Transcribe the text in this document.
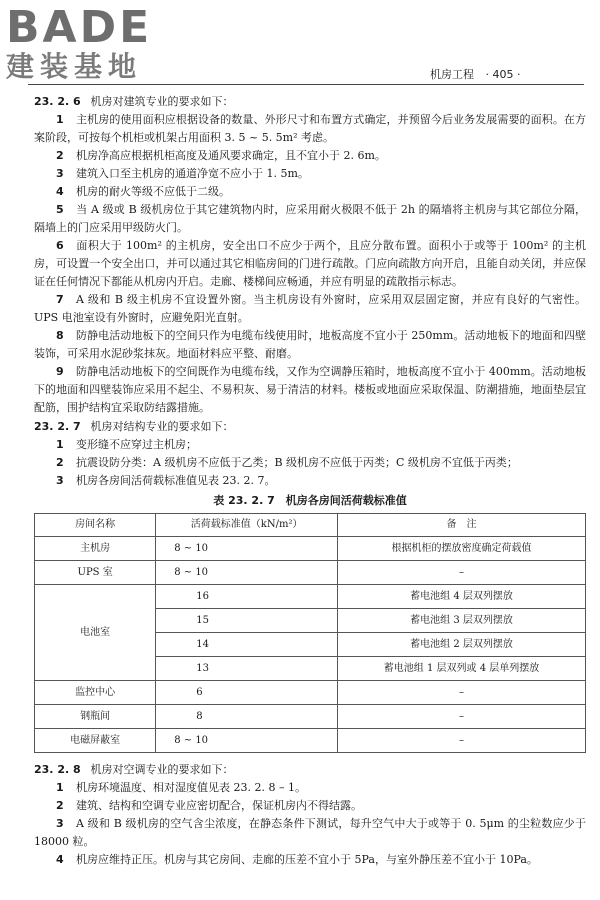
BADE
建装基地	机房工程 · 405 ·
23. 2. 6 机房对建筑专业的要求如下：

1 主机房的使用面积应根据设备的数量、外形尺寸和布置方式确定，并预留今后业务发展需要的面积。在方案阶段，可按每个机柜或机架占用面积 3. 5 ~ 5. 5m² 考虑。

2 机房净高应根据机柜高度及通风要求确定，且不宜小于 2. 6m。

3 建筑入口至主机房的通道净宽不应小于 1. 5m。

4 机房的耐火等级不应低于二级。

5 当 A 级或 B 级机房位于其它建筑物内时，应采用耐火极限不低于 2h 的隔墙将主机房与其它部位分隔，隔墙上的门应采用甲级防火门。

6 面积大于 100m² 的主机房，安全出口不应少于两个，且应分散布置。面积小于或等于 100m² 的主机房，可设置一个安全出口，并可以通过其它相临房间的门进行疏散。门应向疏散方向开启，且能自动关闭，并应保证在任何情况下都能从机房内开启。走廊、楼梯间应畅通，并应有明显的疏散指示标志。

7 A 级和 B 级主机房不宜设置外窗。当主机房设有外窗时，应采用双层固定窗，并应有良好的气密性。UPS 电池室设有外窗时，应避免阳光直射。

8 防静电活动地板下的空间只作为电缆布线使用时，地板高度不宜小于 250mm。活动地板下的地面和四壁装饰，可采用水泥砂浆抹灰。地面材料应平整、耐磨。

9 防静电活动地板下的空间既作为电缆布线，又作为空调静压箱时，地板高度不宜小于 400mm。活动地板下的地面和四壁装饰应采用不起尘、不易积灰、易于清洁的材料。楼板或地面应采取保温、防潮措施，地面垫层宜配筋，围护结构宜采取防结露措施。

23. 2. 7 机房对结构专业的要求如下：

1 变形缝不应穿过主机房；

2 抗震设防分类：A 级机房不应低于乙类；B 级机房不应低于丙类；C 级机房不宜低于丙类；

3 机房各房间活荷载标准值见表 23. 2. 7。

表 23. 2. 7　机房各房间活荷载标准值
房间名称	活荷载标准值（kN/m²）	备　注
主机房	8 ~ 10	根据机柜的摆放密度确定荷载值
UPS 室	8 ~ 10	–
电池室	16	蓄电池组 4 层双列摆放
	15	蓄电池组 3 层双列摆放
	14	蓄电池组 2 层双列摆放
	13	蓄电池组 1 层双列或 4 层单列摆放
监控中心	6	–
钢瓶间	8	–
电磁屏蔽室	8 ~ 10	–
23. 2. 8 机房对空调专业的要求如下：

1 机房环境温度、相对湿度值见表 23. 2. 8 – 1。

2 建筑、结构和空调专业应密切配合，保证机房内不得结露。

3 A 级和 B 级机房的空气含尘浓度，在静态条件下测试，每升空气中大于或等于 0. 5μm 的尘粒数应少于 18000 粒。

4 机房应维持正压。机房与其它房间、走廊的压差不宜小于 5Pa，与室外静压差不宜小于 10Pa。
